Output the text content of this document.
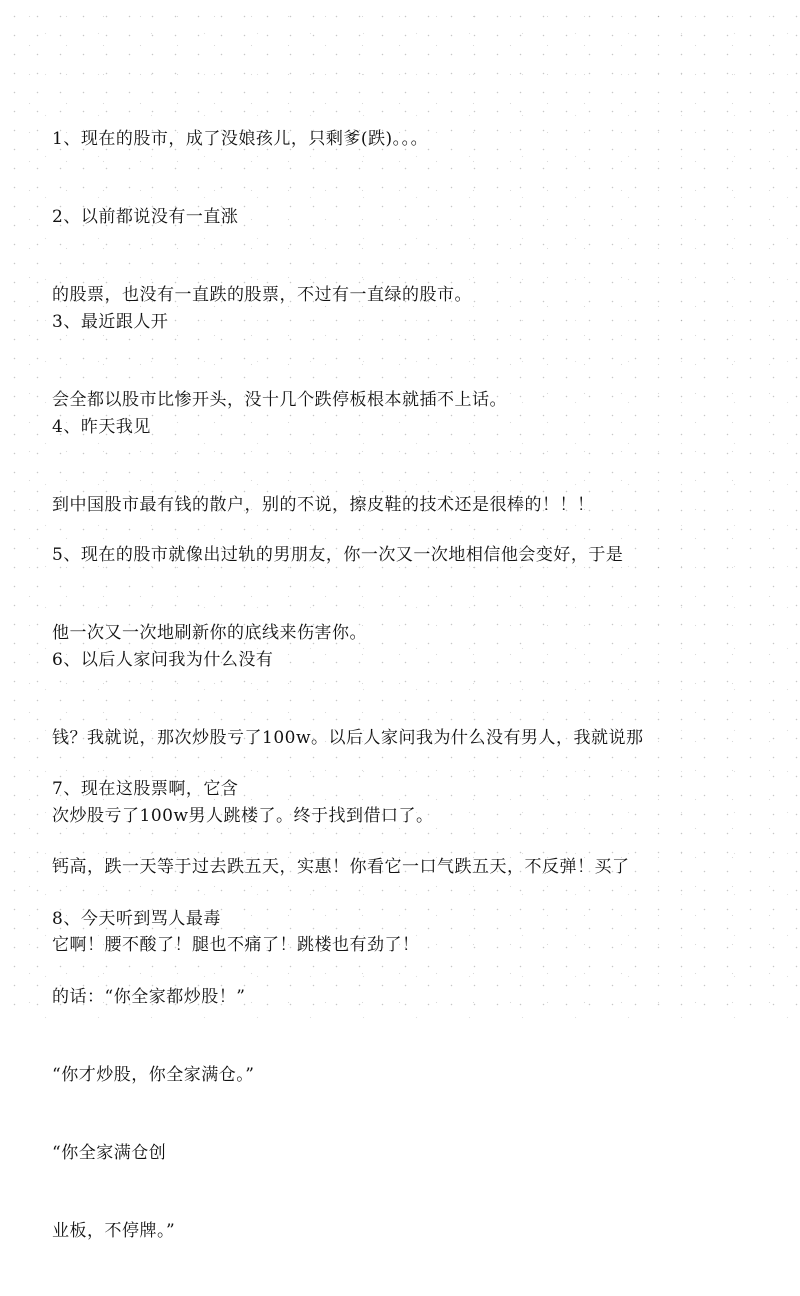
1、现在的股市，成了没娘孩儿，只剩爹(跌)。。。

2、以前都说没有一直涨

的股票，也没有一直跌的股票，不过有一直绿的股市。

3、最近跟人开

会全都以股市比惨开头，没十几个跌停板根本就插不上话。

4、昨天我见

到中国股市最有钱的散户，别的不说，擦皮鞋的技术还是很棒的！！！

5、现在的股市就像出过轨的男朋友，你一次又一次地相信他会变好，于是

他一次又一次地刷新你的底线来伤害你。

6、以后人家问我为什么没有

钱？我就说，那次炒股亏了100w。以后人家问我为什么没有男人，我就说那

次炒股亏了100w男人跳楼了。终于找到借口了。

7、现在这股票啊，它含

钙高，跌一天等于过去跌五天，实惠！你看它一口气跌五天，不反弹！买了

它啊！腰不酸了！腿也不痛了！跳楼也有劲了！

8、今天听到骂人最毒

的话：“你全家都炒股！”

“你才炒股，你全家满仓。”

“你全家满仓创

业板，不停牌。”
